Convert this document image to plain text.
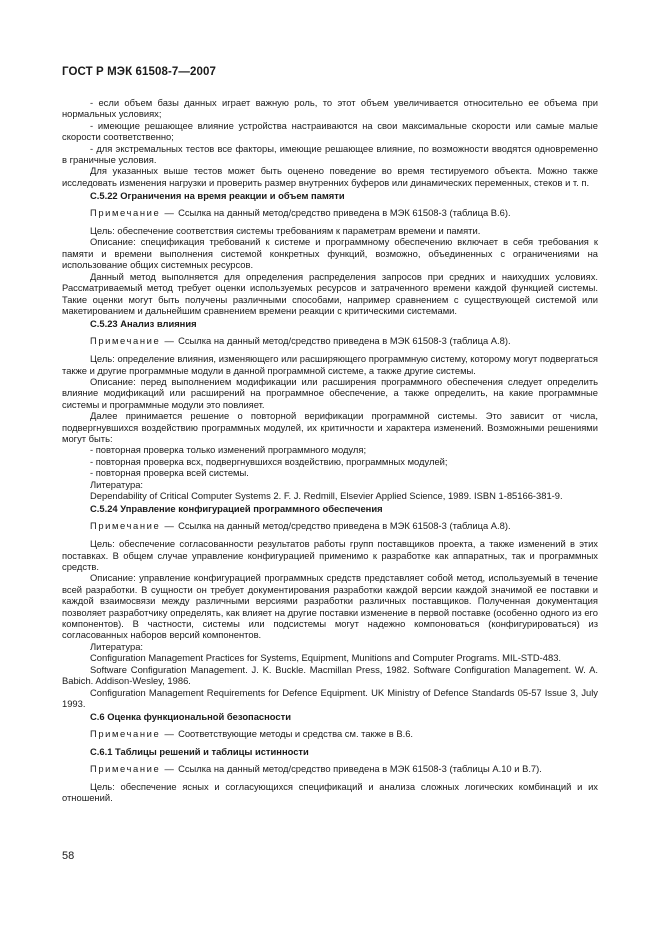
ГОСТ Р МЭК 61508-7—2007

- если объем базы данных играет важную роль, то этот объем увеличивается относительно ее объема при нормальных условиях;

- имеющие решающее влияние устройства настраиваются на свои максимальные скорости или самые малые скорости соответственно;

- для экстремальных тестов все факторы, имеющие решающее влияние, по возможности вводятся одновременно в граничные условия.

Для указанных выше тестов может быть оценено поведение во время тестируемого объекта. Можно также исследовать изменения нагрузки и проверить размер внутренних буферов или динамических переменных, стеков и т. п.

С.5.22 Ограничения на время реакции и объем памяти

Примечание — Ссылка на данный метод/средство приведена в МЭК 61508-3 (таблица В.6).

Цель: обеспечение соответствия системы требованиям к параметрам времени и памяти.

Описание: спецификация требований к системе и программному обеспечению включает в себя требования к памяти и времени выполнения системой конкретных функций, возможно, объединенных с ограничениями на использование общих системных ресурсов.

Данный метод выполняется для определения распределения запросов при средних и наихудших условиях. Рассматриваемый метод требует оценки используемых ресурсов и затраченного времени каждой функцией системы. Такие оценки могут быть получены различными способами, например сравнением с существующей системой или макетированием и дальнейшим сравнением времени реакции с критическими системами.

С.5.23 Анализ влияния

Примечание — Ссылка на данный метод/средство приведена в МЭК 61508-3 (таблица А.8).

Цель: определение влияния, изменяющего или расширяющего программную систему, которому могут подвергаться также и другие программные модули в данной программной системе, а также другие системы.

Описание: перед выполнением модификации или расширения программного обеспечения следует определить влияние модификаций или расширений на программное обеспечение, а также определить, на какие программные системы и программные модули это повлияет.

Далее принимается решение о повторной верификации программной системы. Это зависит от числа, подвергнувшихся воздействию программных модулей, их критичности и характера изменений. Возможными решениями могут быть:

- повторная проверка только изменений программного модуля;

- повторная проверка всх, подвергнувшихся воздействию, программных модулей;

- повторная проверка всей системы.

Литература:

Dependability of Critical Computer Systems 2. F. J. Redmill, Elsevier Applied Science, 1989. ISBN 1-85166-381-9.

С.5.24 Управление конфигурацией программного обеспечения

Примечание — Ссылка на данный метод/средство приведена в МЭК 61508-3 (таблица А.8).

Цель: обеспечение согласованности результатов работы групп поставщиков проекта, а также изменений в этих поставках. В общем случае управление конфигурацией применимо к разработке как аппаратных, так и программных средств.

Описание: управление конфигурацией программных средств представляет собой метод, используемый в течение всей разработки. В сущности он требует документирования разработки каждой версии каждой значимой ее поставки и каждой взаимосвязи между различными версиями разработки различных поставщиков. Полученная документация позволяет разработчику определять, как влияет на другие поставки изменение в первой поставке (особенно одного из его компонентов). В частности, системы или подсистемы могут надежно компоноваться (конфигурироваться) из согласованных наборов версий компонентов.

Литература:

Configuration Management Practices for Systems, Equipment, Munitions and Computer Programs. MIL-STD-483.

Software Configuration Management. J. K. Buckle. Macmillan Press, 1982. Software Configuration Management. W. A. Babich. Addison-Wesley, 1986.

Configuration Management Requirements for Defence Equipment. UK Ministry of Defence Standards 05-57 Issue 3, July 1993.

С.6 Оценка функциональной безопасности

Примечание — Соответствующие методы и средства см. также в В.6.

С.6.1 Таблицы решений и таблицы истинности

Примечание — Ссылка на данный метод/средство приведена в МЭК 61508-3 (таблицы А.10 и В.7).

Цель: обеспечение ясных и согласующихся спецификаций и анализа сложных логических комбинаций и их отношений.

58
